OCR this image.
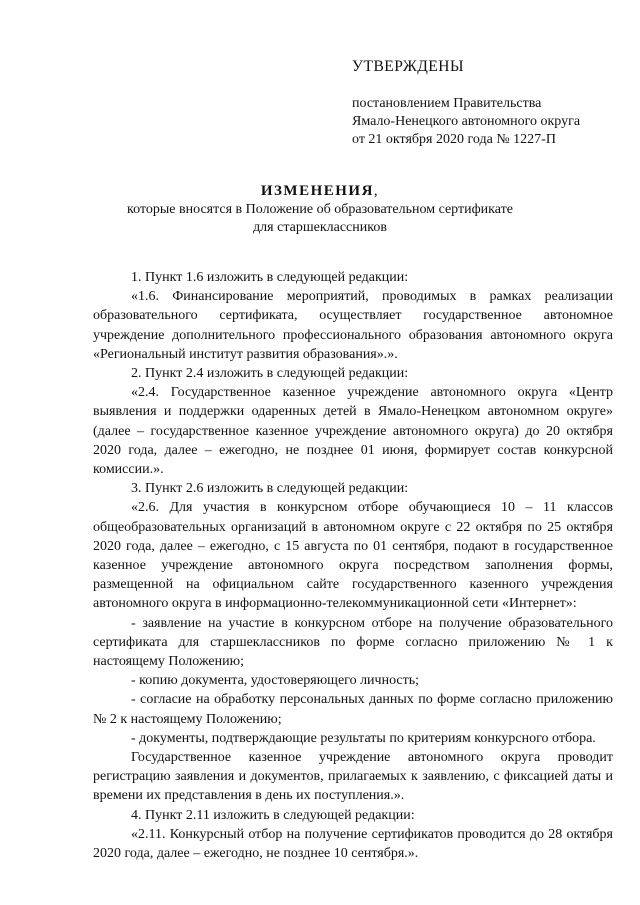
УТВЕРЖДЕНЫ
постановлением Правительства
Ямало-Ненецкого автономного округа
от 21 октября 2020 года № 1227-П
ИЗМЕНЕНИЯ,
которые вносятся в Положение об образовательном сертификате
для старшеклассников

1. Пункт 1.6 изложить в следующей редакции:

«1.6. Финансирование мероприятий, проводимых в рамках реализации образовательного сертификата, осуществляет государственное автономное учреждение дополнительного профессионального образования автономного округа «Региональный институт развития образования».».

2. Пункт 2.4 изложить в следующей редакции:

«2.4. Государственное казенное учреждение автономного округа «Центр выявления и поддержки одаренных детей в Ямало-Ненецком автономном округе» (далее – государственное казенное учреждение автономного округа) до 20 октября 2020 года, далее – ежегодно, не позднее 01 июня, формирует состав конкурсной комиссии.».

3. Пункт 2.6 изложить в следующей редакции:

«2.6. Для участия в конкурсном отборе обучающиеся 10 – 11 классов общеобразовательных организаций в автономном округе с 22 октября по 25 октября 2020 года, далее – ежегодно, с 15 августа по 01 сентября, подают в государственное казенное учреждение автономного округа посредством заполнения формы, размещенной на официальном сайте государственного казенного учреждения автономного округа в информационно-телекоммуникационной сети «Интернет»:

- заявление на участие в конкурсном отборе на получение образовательного сертификата для старшеклассников по форме согласно приложению № 1 к настоящему Положению;

- копию документа, удостоверяющего личность;

- согласие на обработку персональных данных по форме согласно приложению № 2 к настоящему Положению;

- документы, подтверждающие результаты по критериям конкурсного отбора.

Государственное казенное учреждение автономного округа проводит регистрацию заявления и документов, прилагаемых к заявлению, с фиксацией даты и времени их представления в день их поступления.».

4. Пункт 2.11 изложить в следующей редакции:

«2.11. Конкурсный отбор на получение сертификатов проводится до 28 октября 2020 года, далее – ежегодно, не позднее 10 сентября.».
